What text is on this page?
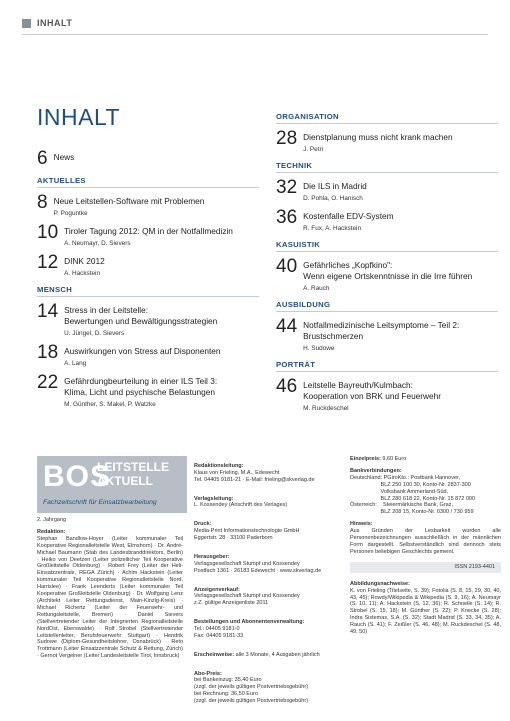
INHALT
INHALT
6 News
AKTUELLES
8 Neue Leitstellen-Software mit Problemen
P. Poguntke
10 Tiroler Tagung 2012: QM in der Notfallmedizin
A. Neumayr, D. Sievers
12 DINK 2012
A. Hackstein
MENSCH
14 Stress in der Leitstelle:
Bewertungen und Bewältigungsstrategien
U. Jüngel, D. Sievers
18 Auswirkungen von Stress auf Disponenten
A. Lang
22 Gefährdungbeurteilung in einer ILS Teil 3:
Klima, Licht und psychische Belastungen
M. Günther, S. Makel, P. Watzke
ORGANISATION
28 Dienstplanung muss nicht krank machen
J. Petri
TECHNIK
32 Die ILS in Madrid
D. Pohla, O. Hanisch
36 Kostenfalle EDV-System
R. Fux, A. Hackstein
KASUISTIK
40 Gefährliches „Kopfkino":
Wenn eigene Ortskenntnisse in die Irre führen
A. Rauch
AUSBILDUNG
44 Notfallmedizinische Leitsymptome – Teil 2:
Brustschmerzen
H. Sudowe
PORTRÄT
46 Leitstelle Bayreuth/Kulmbach:
Kooperation von BRK und Feuerwehr
M. Ruckdeschel
BOS
LEITSTELLE
AKTUELL
Fachzeitschrift für Einsatzbearbeitung
2. Jahrgang
Redaktion:
Stephan Bandlow-Hoyer (Leiter kommunaler Teil Kooperative Regionalleitstelle West, Elmshorn) · Dr. André-Michael Baumann (Stab des Landesbranddirektors, Berlin) · Heiko von Deetzen (Leiter polizeilicher Teil Kooperative Großleitstelle Oldenburg) · Robert Frey (Leiter der Heli-Einsatzzentrale, REGA Zürich) · Achim Hackstein (Leiter kommunaler Teil Kooperative Regionalleitstelle Nord, Harrislee) · Frank Leenderts (Leiter kommunaler Teil Kooperative Großleitstelle Oldenburg) · Dr. Wolfgang Lenz (Architekt Leiter Rettungsdienst, Main-Kinzig-Kreis) · Michael Richertz (Leiter der Feuerwehr- und Rettungsleitstelle, Bremen) · Daniel Sievers (Stellvertretender Leiter der Integrierten Regionalleitstelle NordOst, Eberswalde) · Rolf Strobel (Stellvertretender Leitstellenleiter, Berufsfeuerwehr Stuttgart) · Hendrik Sudowe (Diplom-Gesundheitslehrer, Osnabrück) · Reto Trottmann (Leiter Einsatzzentrale Schutz & Rettung, Zürich) · Gernot Vergeiner (Leiter Landesleitstelle Tirol, Innsbruck)

Redaktionsleitung:
Klaus von Frieling, M.A., Edewecht
Tel. 04405 9181-21 · E-Mail: frieling@skverlag.de

Verlagsleitung:
L. Kossendey (Anschrift des Verlages)

Druck:
Media-Print Informationstechnologie GmbH
Eggertstr. 28 · 33100 Paderborn

Herausgeber:
Verlagsgesellschaft Stumpf und Kossendey
Postfach 1361 · 26183 Edewecht · www.skverlag.de

Anzeigenverkauf:
Verlagsgesellschaft Stumpf und Kossendey
z.Z. gültige Anzeigenliste 2011

Bestellungen und Abonnentenverwaltung:
Tel.: 04405 9181-0
Fax: 04405 9181-33

Erscheinweise: alle 3 Monate, 4 Ausgaben jährlich

Abo-Preis:
bei Bankeinzug: 35,40 Euro
(zzgl. der jeweils gültigen Postvertriebsgebühr)
bei Rechnung: 36,50 Euro
(zzgl. der jeweils gültigen Postvertriebsgebühr)

Einzelpreis: 9,60 Euro
Bankverbindungen:
Deutschland: PGiroKto.: Postbank Hannover,
BLZ 250 100 30, Konto-Nr. 2837-300
Volksbank Ammerland-Süd,
BLZ 280 618 22, Konto-Nr. 15 872 000
Österreich:    Steiermärkische Bank, Graz,
BLZ 208 15, Konto-Nr. 0300 / 730 959
Hinweis:
Aus Gründen der Lesbarkeit wurden alle Personenbezeichnungen ausschließlich in der männlichen Form dargestellt. Selbstverständlich sind dennoch stets Personen beliebigen Geschlechts gemeint.
ISSN 2193-4401
Abbildungsnachweise:
K. von Frieling (Titelseite, S. 39); Fotolia (S. 8, 15, 29, 30, 40, 43, 45); Rowdy/Wikipedia & Wikipedia (S. 9, 16); A. Neumayr (S. 10, 11); A. Hackstein (S. 12, 36); R. Schnelle (S. 14); R. Strobel (S. 15, 18); M. Günther (S. 22); P. Knecke (S. 28); Indra Sistemas, S.A. (S. 32); Stadt Madrid (S. 33, 34, 35); A. Rauch (S. 41); F. Zeißler (S. 46, 48); M. Ruckdeschel (S. 48, 49, 50)
